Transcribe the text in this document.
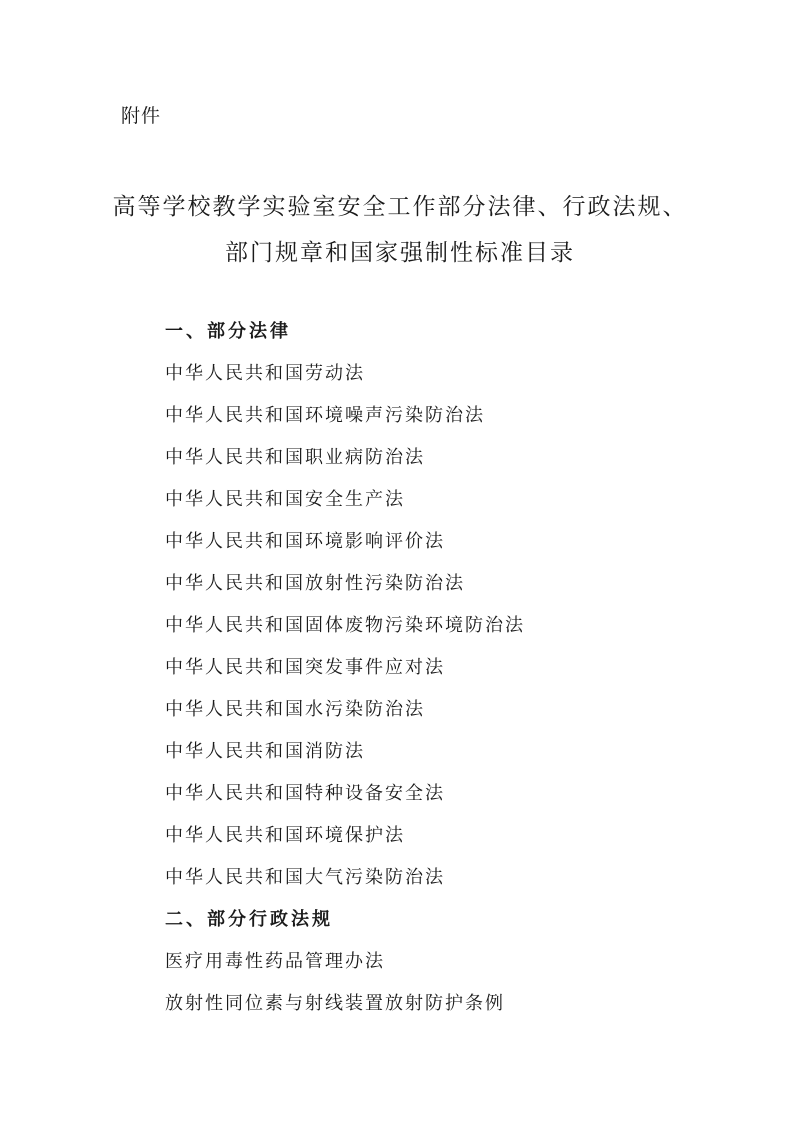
附件
高等学校教学实验室安全工作部分法律、行政法规、
部门规章和国家强制性标准目录
一、部分法律
中华人民共和国劳动法
中华人民共和国环境噪声污染防治法
中华人民共和国职业病防治法
中华人民共和国安全生产法
中华人民共和国环境影响评价法
中华人民共和国放射性污染防治法
中华人民共和国固体废物污染环境防治法
中华人民共和国突发事件应对法
中华人民共和国水污染防治法
中华人民共和国消防法
中华人民共和国特种设备安全法
中华人民共和国环境保护法
中华人民共和国大气污染防治法
二、部分行政法规
医疗用毒性药品管理办法
放射性同位素与射线装置放射防护条例
